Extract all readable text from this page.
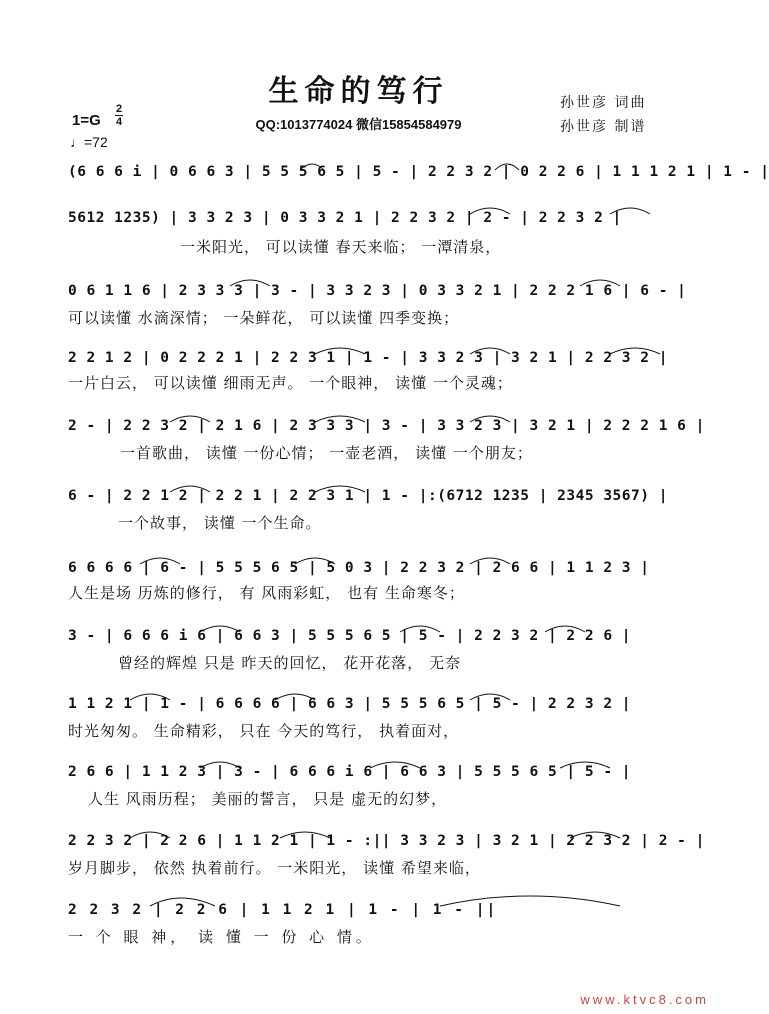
生命的笃行
QQ:1013774024 微信15854584979
孙世彦 词曲
孙世彦 制谱
1=G
2
4
♩=72
(6 6 6 i | 0 6 6 3 | 5 5 5 6 5 | 5 - | 2 2 3 2 | 0 2 2 6 | 1 1 1 2 1 | 1 - |
5612 1235) | 3 3 2 3 | 0 3 3 2 1 | 2 2 3 2 | 2 - | 2 2 3 2 |
一米阳光， 可以读懂 春天来临； 一潭清泉，
0 6 1 1 6 | 2 3 3 3 | 3 - | 3 3 2 3 | 0 3 3 2 1 | 2 2 2 1 6 | 6 - |
可以读懂 水滴深情； 一朵鲜花， 可以读懂 四季变换；
2 2 1 2 | 0 2 2 2 1 | 2 2 3 1 | 1 - | 3 3 2 3 | 3 2 1 | 2 2 3 2 |
一片白云， 可以读懂 细雨无声。 一个眼神， 读懂 一个灵魂；
2 - | 2 2 3 2 | 2 1 6 | 2 3 3 3 | 3 - | 3 3 2 3 | 3 2 1 | 2 2 2 1 6 |
一首歌曲， 读懂 一份心情； 一壶老酒， 读懂 一个朋友；
6 - | 2 2 1 2 | 2 2 1 | 2 2 3 1 | 1 - |:(6712 1235 | 2345 3567) |
一个故事， 读懂 一个生命。
6 6 6 6 | 6 - | 5 5 5 6 5 | 5 0 3 | 2 2 3 2 | 2 6 6 | 1 1 2 3 |
人生是场 历炼的修行， 有 风雨彩虹， 也有 生命寒冬；
3 - | 6 6 6 i 6 | 6 6 3 | 5 5 5 6 5 | 5 - | 2 2 3 2 | 2 2 6 |
曾经的辉煌 只是 昨天的回忆， 花开花落， 无奈
1 1 2 1 | 1 - | 6 6 6 6 | 6 6 3 | 5 5 5 6 5 | 5 - | 2 2 3 2 |
时光匆匆。 生命精彩， 只在 今天的笃行， 执着面对，
2 6 6 | 1 1 2 3 | 3 - | 6 6 6 i 6 | 6 6 3 | 5 5 5 6 5 | 5 - |
人生 风雨历程； 美丽的誓言， 只是 虚无的幻梦，
2 2 3 2 | 2 2 6 | 1 1 2 1 | 1 - :|| 3 3 2 3 | 3 2 1 | 2 2 3 2 | 2 - |
岁月脚步， 依然 执着前行。 一米阳光， 读懂 希望来临，
2 2 3 2 | 2 2 6 | 1 1 2 1 | 1 - | 1 - ||
一 个 眼 神， 读 懂 一 份 心 情。
www.ktvc8.com
